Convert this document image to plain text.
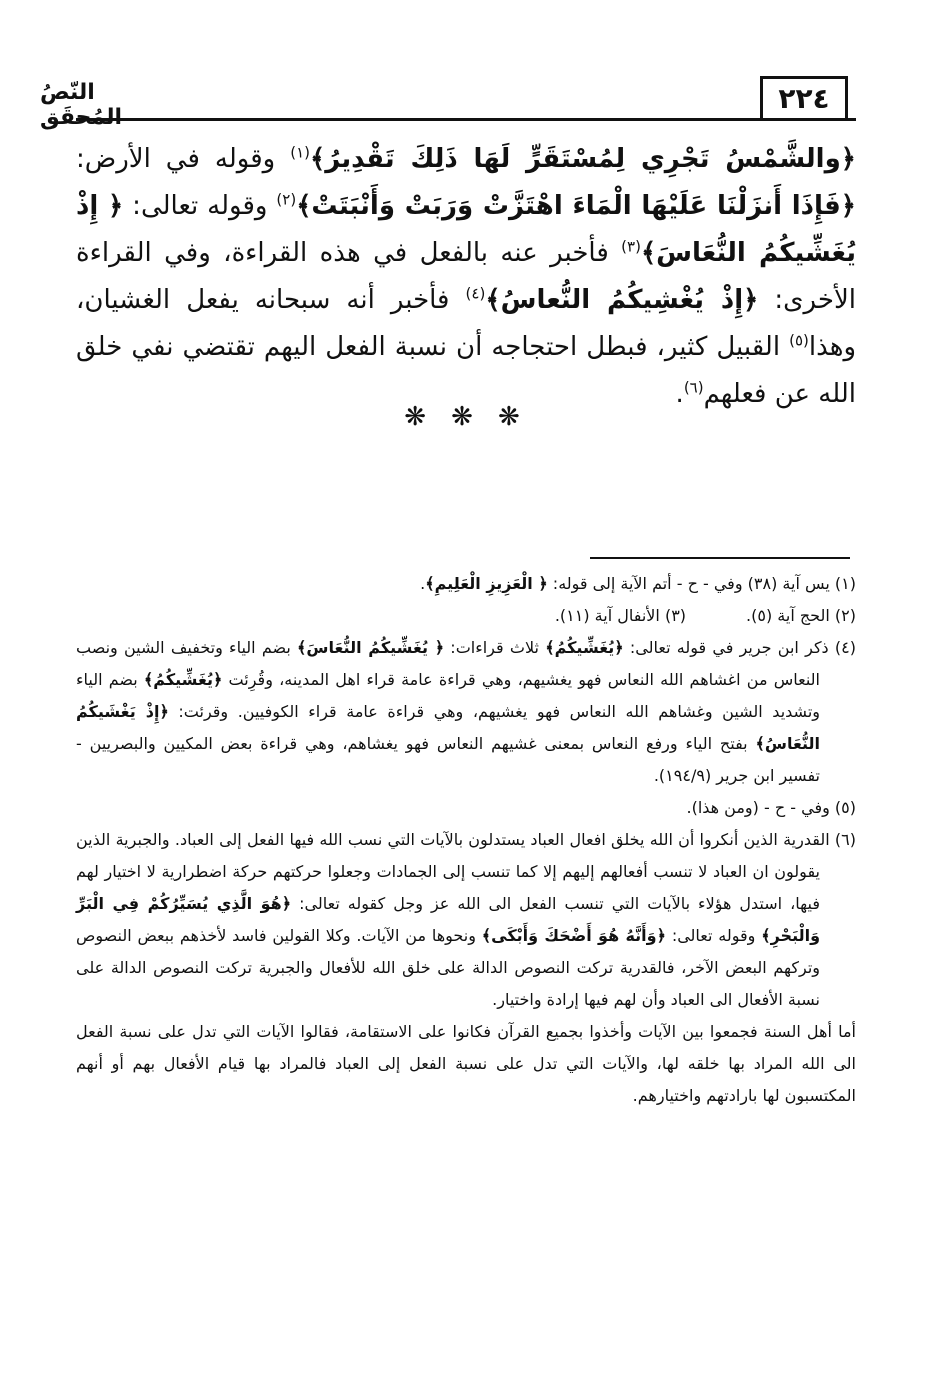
٢٢٤
النّصُ المُحقَق

﴿والشَّمْسُ تَجْرِي لِمُسْتَقَرٍّ لَهَا ذَلِكَ تَقْدِيرُ﴾$^{(١)}$ وقوله في الأرض: ﴿فَإِذَا أَنزَلْنَا عَلَيْهَا الْمَاءَ اهْتَزَّتْ وَرَبَتْ وَأَنْبَتَتْ﴾$^{(٢)}$ وقوله تعالى: ﴿ إِذْ يُغَشِّيكُمُ النُّعَاسَ﴾$^{(٣)}$ فأخبر عنه بالفعل في هذه القراءة، وفي القراءة الأخرى: ﴿إِذْ يُغْشِيكُمُ النُّعاسُ﴾$^{(٤)}$ فأخبر أنه سبحانه يفعل الغشيان، وهذا$^{(٥)}$ القبيل كثير، فبطل احتجاجه أن نسبة الفعل اليهم تقتضي نفي خلق الله عن فعلهم$^{(٦)}$.

❋ ❋ ❋

(١) يس آية (٣٨) وفي - ح - أتم الآية إلى قوله: ﴿ الْعَزِيزِ الْعَلِيمِ﴾.

(٢) الحج آية (٥).
(٣) الأنفال آية (١١).

(٤) ذكر ابن جرير في قوله تعالى: ﴿يُغَشِّيكُمُ﴾ ثلاث قراءات: ﴿ يُغَشِّيكُمُ النُّعَاسَ﴾ بضم الياء وتخفيف الشين ونصب النعاس من اغشاهم الله النعاس فهو يغشيهم، وهي قراءة عامة قراء اهل المدينه، وقُرِئت ﴿يُغَشِّيكُمُ﴾ بضم الياء وتشديد الشين وغشاهم الله النعاس فهو يغشيهم، وهي قراءة عامة قراء الكوفيين. وقرئت: ﴿إِذْ يَغْشَيكُمُ النُّعَاسُ﴾ بفتح الياء ورفع النعاس بمعنى غشيهم النعاس فهو يغشاهم، وهي قراءة بعض المكيين والبصريين - تفسير ابن جرير (١٩٤/٩).

(٥) وفي - ح - (ومن هذا).

(٦) القدرية الذين أنكروا أن الله يخلق افعال العباد يستدلون بالآيات التي نسب الله فيها الفعل إلى العباد. والجبرية الذين يقولون ان العباد لا تنسب أفعالهم إليهم إلا كما تنسب إلى الجمادات وجعلوا حركتهم حركة اضطرارية لا اختيار لهم فيها، استدل هؤلاء بالآيات التي تنسب الفعل الى الله عز وجل كقوله تعالى: ﴿هُوَ الَّذِي يُسَيِّرُكُمْ فِي الْبَرِّ وَالْبَحْرِ﴾ وقوله تعالى: ﴿وَأَنَّهُ هُوَ أَضْحَكَ وَأَبْكَى﴾ ونحوها من الآيات. وكلا القولين فاسد لأخذهم ببعض النصوص وتركهم البعض الآخر، فالقدرية تركت النصوص الدالة على خلق الله للأفعال والجبرية تركت النصوص الدالة على نسبة الأفعال الى العباد وأن لهم فيها إرادة واختيار.

أما أهل السنة فجمعوا بين الآيات وأخذوا بجميع القرآن فكانوا على الاستقامة، فقالوا الآيات التي تدل على نسبة الفعل الى الله المراد بها خلقه لها، والآيات التي تدل على نسبة الفعل إلى العباد فالمراد بها قيام الأفعال بهم أو أنهم المكتسبون لها بارادتهم واختيارهم.
